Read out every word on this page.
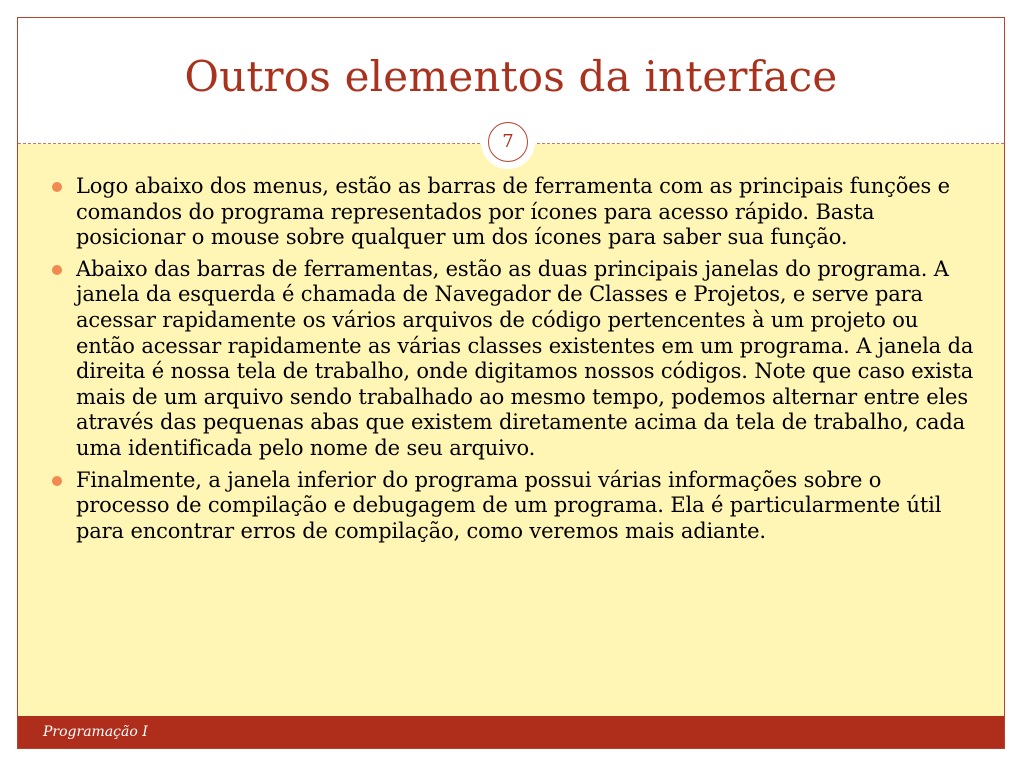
Outros elementos da interface
7
Logo abaixo dos menus, estão as barras de ferramenta com as principais funções e comandos do programa representados por ícones para acesso rápido. Basta posicionar o mouse sobre qualquer um dos ícones para saber sua função.
Abaixo das barras de ferramentas, estão as duas principais janelas do programa. A janela da esquerda é chamada de Navegador de Classes e Projetos, e serve para acessar rapidamente os vários arquivos de código pertencentes à um projeto ou então acessar rapidamente as várias classes existentes em um programa. A janela da direita é nossa tela de trabalho, onde digitamos nossos códigos. Note que caso exista mais de um arquivo sendo trabalhado ao mesmo tempo, podemos alternar entre eles através das pequenas abas que existem diretamente acima da tela de trabalho, cada uma identificada pelo nome de seu arquivo.
Finalmente, a janela inferior do programa possui várias informações sobre o processo de compilação e debugagem de um programa. Ela é particularmente útil para encontrar erros de compilação, como veremos mais adiante.
Programação I
